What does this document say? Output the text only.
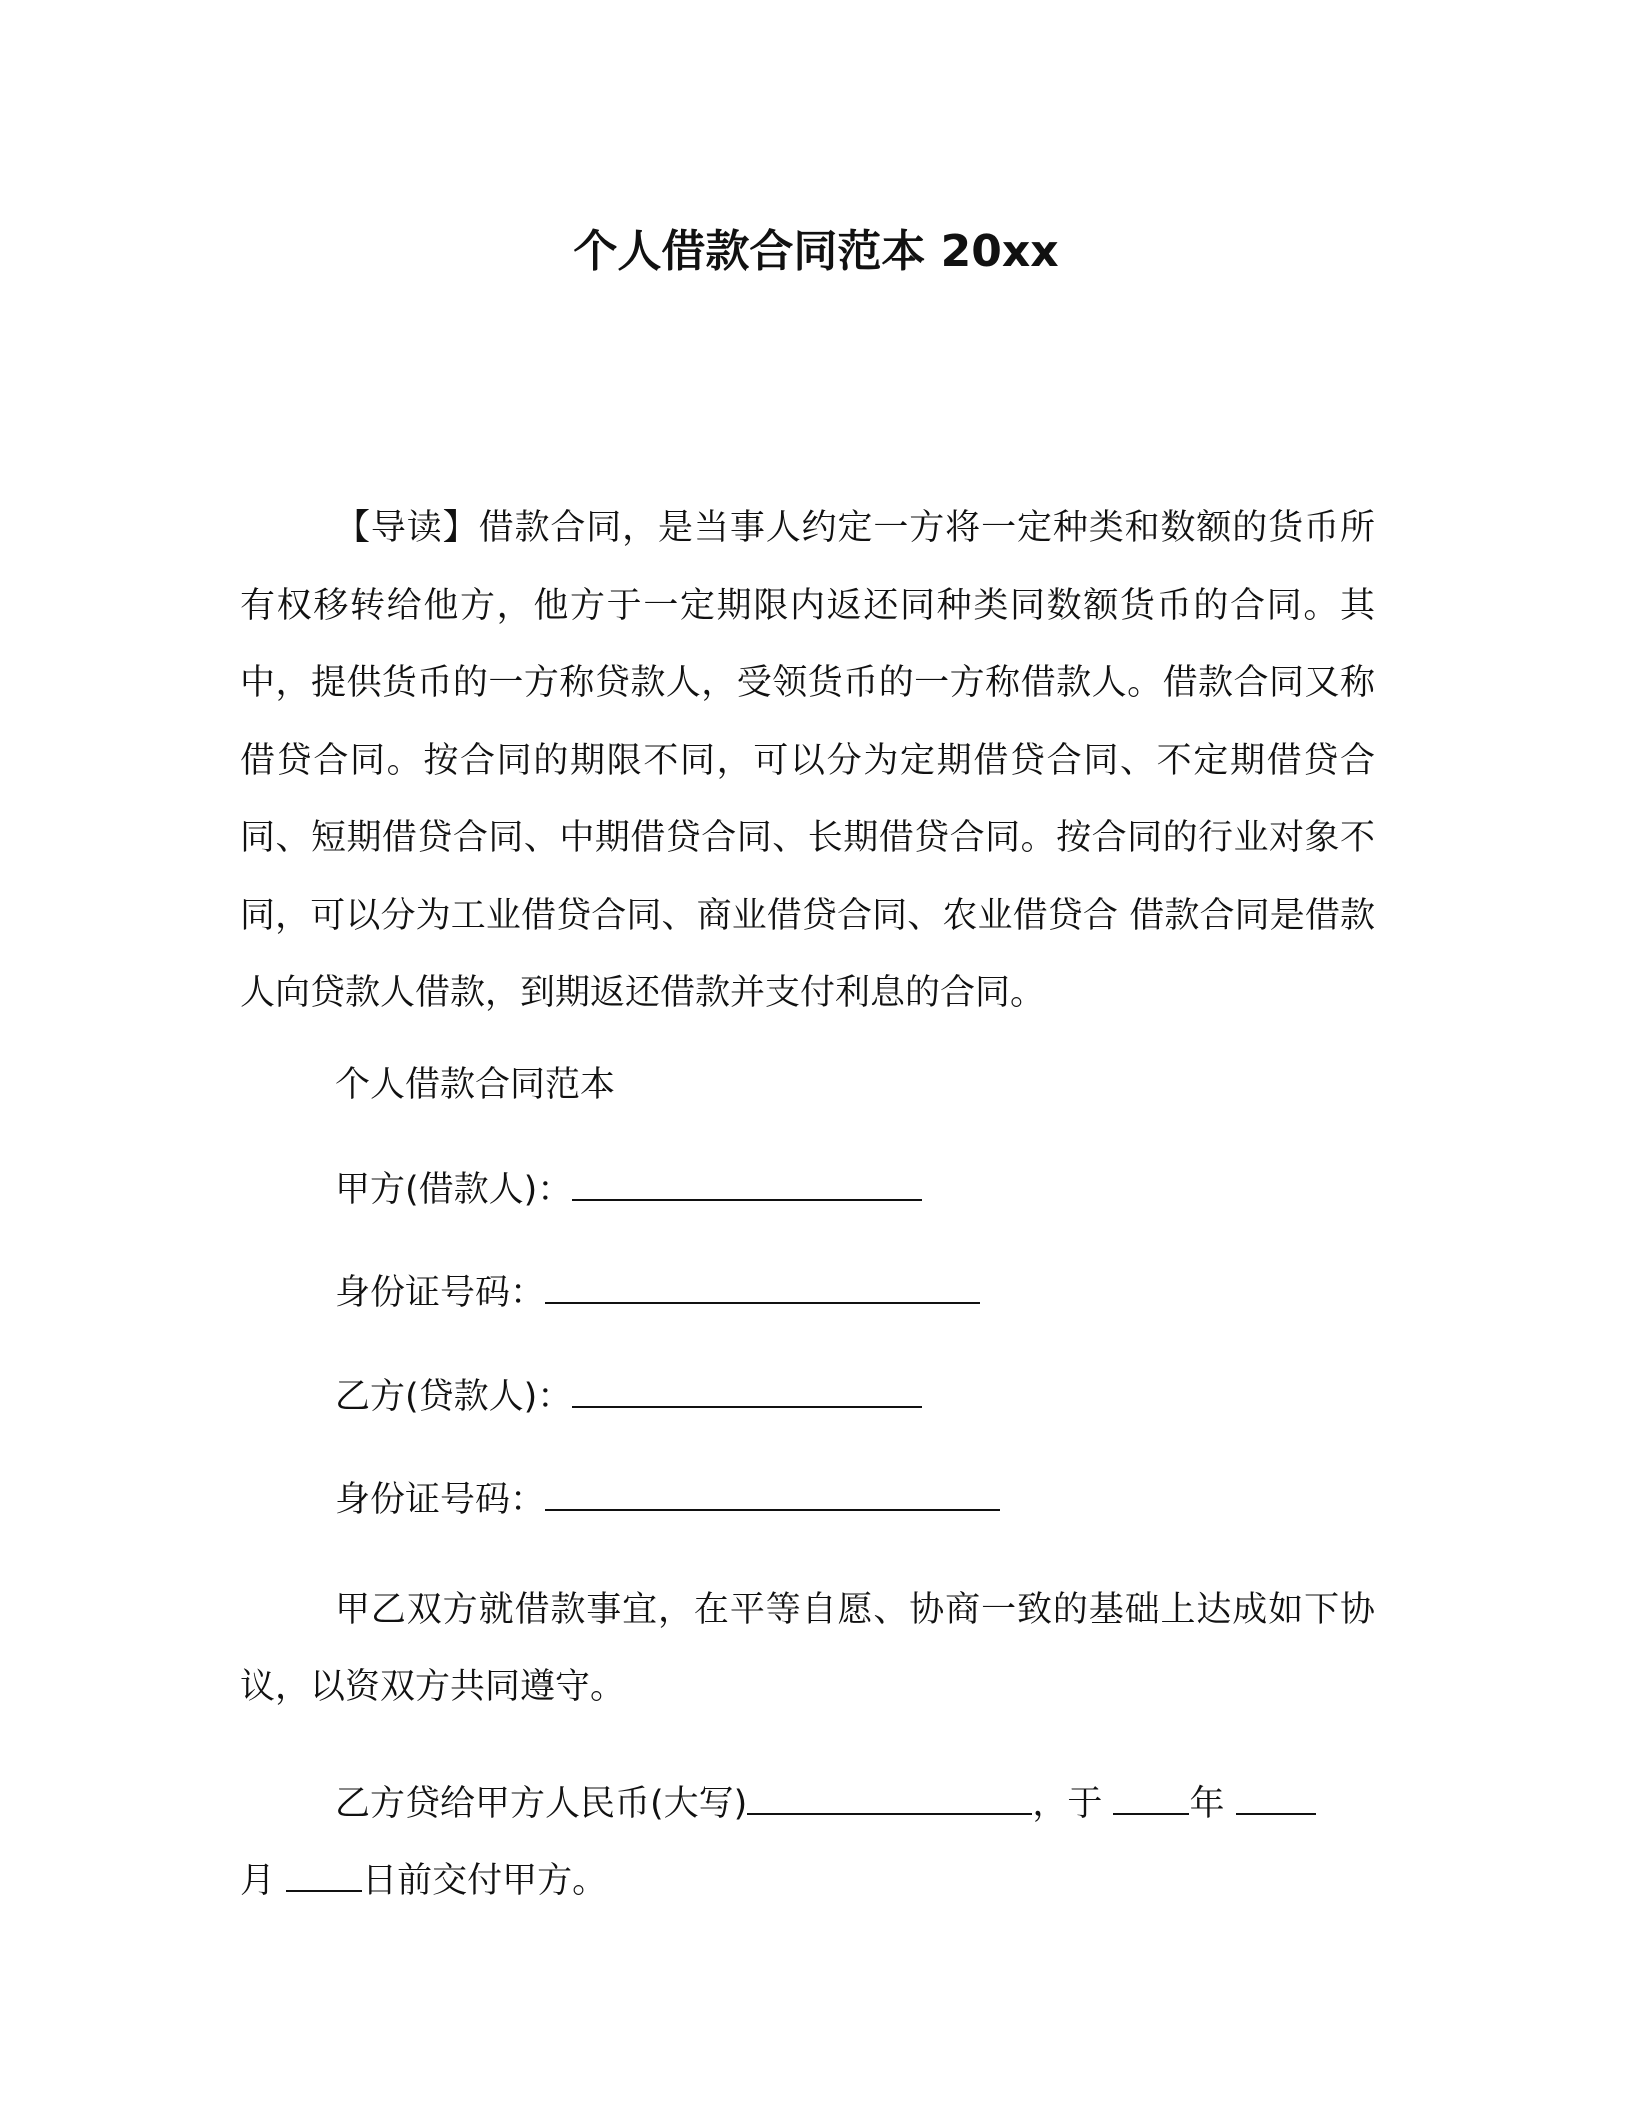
个人借款合同范本 20xx

【导读】借款合同，是当事人约定一方将一定种类和数额的货币所有权移转给他方，他方于一定期限内返还同种类同数额货币的合同。其中，提供货币的一方称贷款人，受领货币的一方称借款人。借款合同又称借贷合同。按合同的期限不同，可以分为定期借贷合同、不定期借贷合同、短期借贷合同、中期借贷合同、长期借贷合同。按合同的行业对象不同，可以分为工业借贷合同、商业借贷合同、农业借贷合 借款合同是借款人向贷款人借款，到期返还借款并支付利息的合同。

个人借款合同范本

甲方(借款人)：

身份证号码：

乙方(贷款人)：

身份证号码：

甲乙双方就借款事宜，在平等自愿、协商一致的基础上达成如下协议，以资双方共同遵守。

乙方贷给甲方人民币(大写)	，于 年
月 日前交付甲方。
